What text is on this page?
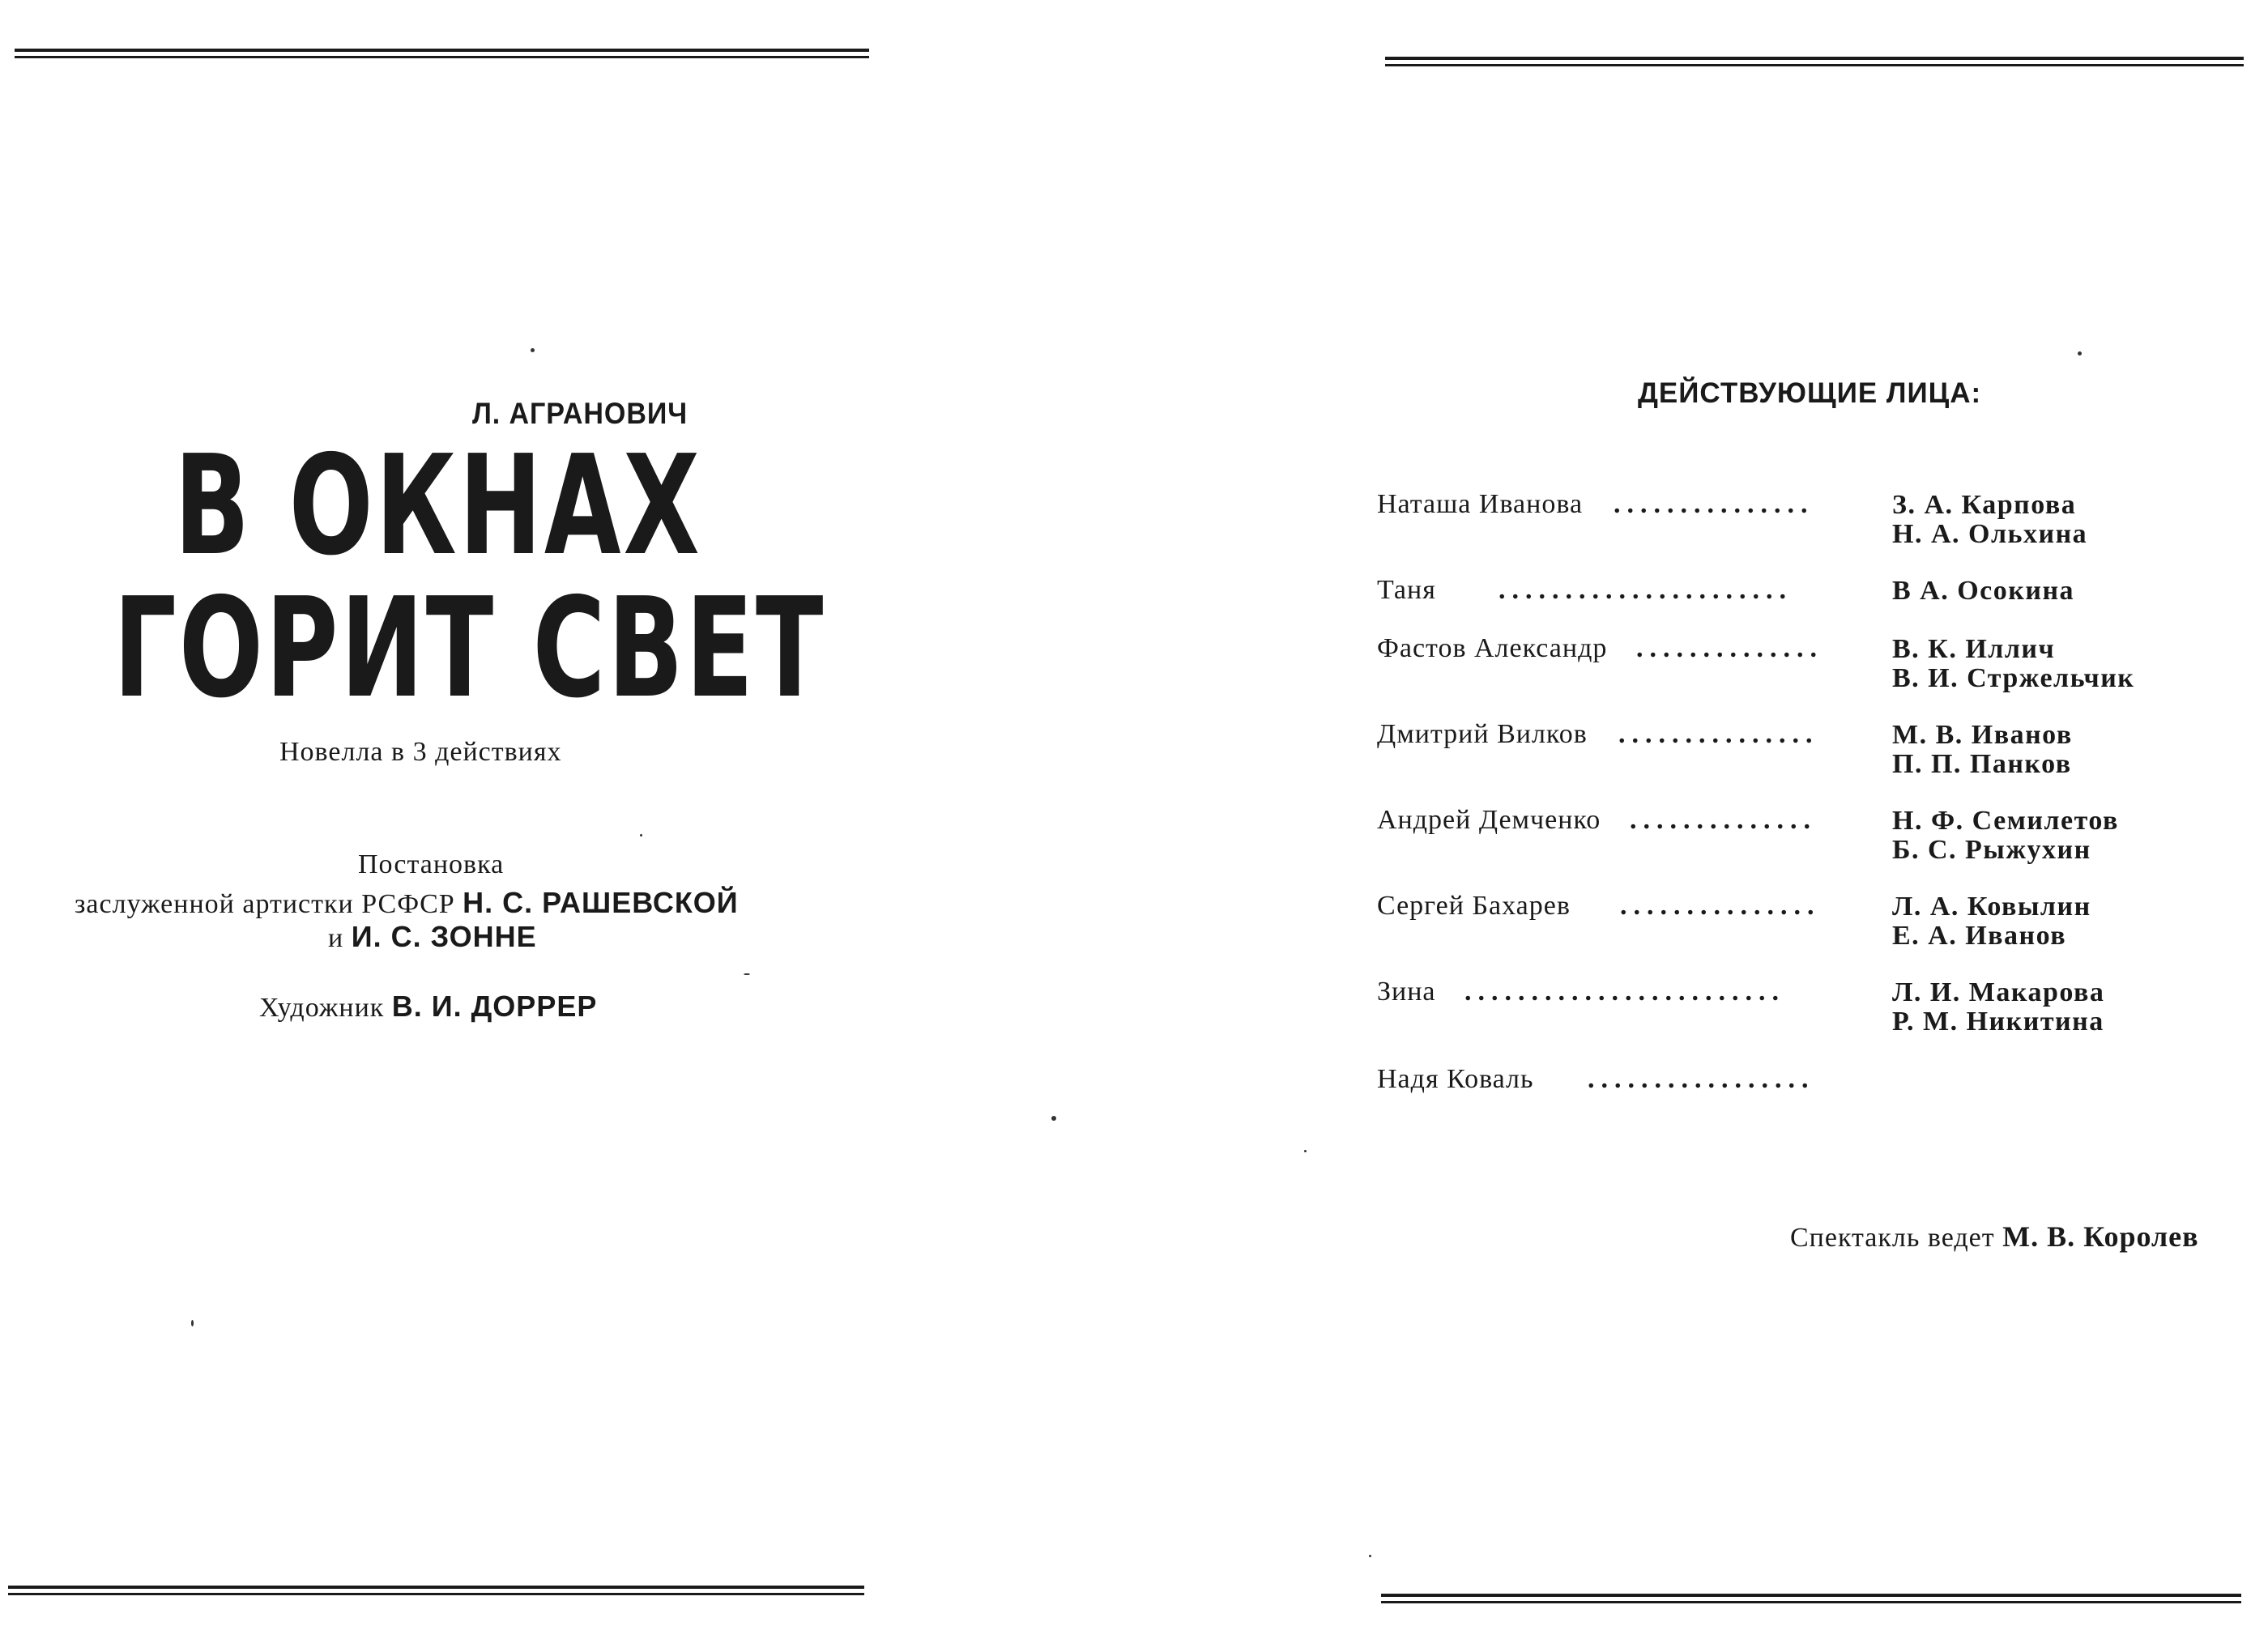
Л. АГРАНОВИЧ
В ОКНАХ
ГОРИТ СВЕТ
Новелла в 3 действиях
Постановка
заслуженной артистки РСФСР Н. С. РАШЕВСКОЙ
и И. С. ЗОННЕ
Художник В. И. ДОРРЕР
ДЕЙСТВУЮЩИЕ ЛИЦА:
Наташа Иванова ...............	З. А. Карпова
Н. А. Ольхина
Таня ......................	В А. Осокина
Фастов Александр ..............	В. К. Иллич
В. И. Стржельчик
Дмитрий Вилков ...............	М. В. Иванов
П. П. Панков
Андрей Демченко ..............	Н. Ф. Семилетов
Б. С. Рыжухин
Сергей Бахарев ...............	Л. А. Ковылин
Е. А. Иванов
Зина ........................	Л. И. Макарова
Р. М. Никитина
Надя Коваль .................
Спектакль ведет М. В. Королев
